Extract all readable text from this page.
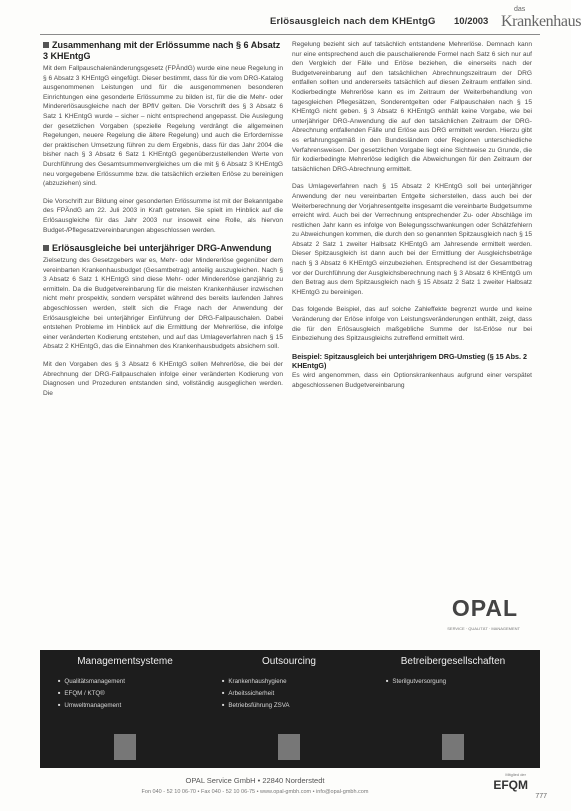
Erlösausgleich nach dem KHEntgG 10/2003
das
Krankenhaus
Zusammenhang mit der Erlössumme nach § 6 Absatz 3 KHEntgG

Mit dem Fallpauschalenänderungsgesetz (FPÄndG) wurde eine neue Regelung in § 6 Absatz 3 KHEntgG eingefügt. Dieser bestimmt, dass für die vom DRG-Katalog ausgenommenen Leistungen und für die ausgenommenen besonderen Einrichtungen eine gesonderte Erlössumme zu bilden ist, für die die Mehr- oder Mindererlösausgleiche nach der BPflV gelten. Die Vorschrift des § 3 Absatz 6 Satz 1 KHEntgG wurde – sicher – nicht entsprechend angepasst. Die Auslegung der gesetzlichen Vorgaben (spezielle Regelung verdrängt die allgemeinen Regelungen, neuere Regelung die ältere Regelung) und auch die Erfordernisse der praktischen Umsetzung führen zu dem Ergebnis, dass für das Jahr 2004 die bisher nach § 3 Absatz 6 Satz 1 KHEntgG gegenüberzustellenden Werte von Durchführung des Gesamtsummenvergleiches um die mit § 6 Absatz 3 KHEntgG neu vorgegebene Erlössumme bzw. die tatsächlich erzielten Erlöse zu bereinigen (abzuziehen) sind.

Die Vorschrift zur Bildung einer gesonderten Erlössumme ist mit der Bekanntgabe des FPÄndG am 22. Juli 2003 in Kraft getreten. Sie spielt im Hinblick auf die Erlösausgleiche für das Jahr 2003 nur insoweit eine Rolle, als hiervon Budget-/Pflegesatzvereinbarungen abgeschlossen werden.

Erlösausgleiche bei unterjähriger DRG-Anwendung

Zielsetzung des Gesetzgebers war es, Mehr- oder Mindererlöse gegenüber dem vereinbarten Krankenhausbudget (Gesamtbetrag) anteilig auszugleichen. Nach § 3 Absatz 6 Satz 1 KHEntgG sind diese Mehr- oder Mindererlöse ganzjährig zu ermitteln. Da die Budgetvereinbarung für die meisten Krankenhäuser inzwischen nicht mehr prospektiv, sondern verspätet während des bereits laufenden Jahres abgeschlossen werden, stellt sich die Frage nach der Anwendung der Erlösausgleiche bei unterjähriger Einführung der DRG-Fallpauschalen. Dabei entstehen Probleme im Hinblick auf die Ermittlung der Mehrerlöse, die infolge einer veränderten Kodierung entstehen, und auf das Umlageverfahren nach § 15 Absatz 2 KHEntgG, das die Einnahmen des Krankenhausbudgets absichern soll.

Mit den Vorgaben des § 3 Absatz 6 KHEntgG sollen Mehrerlöse, die bei der Abrechnung der DRG-Fallpauschalen infolge einer veränderten Kodierung von Diagnosen und Prozeduren entstanden sind, vollständig ausgeglichen werden. Die

Regelung bezieht sich auf tatsächlich entstandene Mehrerlöse. Demnach kann nur eine entsprechend auch die pauschalierende Formel nach Satz 6 sich nur auf den Vergleich der Fälle und Erlöse beziehen, die einerseits nach der Budgetvereinbarung auf den tatsächlichen Abrechnungszeitraum der DRG entfallen sollten und andererseits tatsächlich auf diesen Zeitraum entfallen sind. Kodierbedingte Mehrerlöse kann es im Zeitraum der Weiterbehandlung von tagesgleichen Pflegesätzen, Sonderentgelten oder Fallpauschalen nach § 15 KHEntgG nicht geben. § 3 Absatz 6 KHEntgG enthält keine Vorgabe, wie bei unterjähriger DRG-Anwendung die auf den tatsächlichen Zeitraum der DRG-Abrechnung entfallenden Fälle und Erlöse aus DRG ermittelt werden. Hierzu gibt es erfahrungsgemäß in den Bundesländern oder Regionen unterschiedliche Verfahrensweisen. Der gesetzlichen Vorgabe liegt eine Sichtweise zu Grunde, die für kodierbedingte Mehrerlöse lediglich die Abweichungen für den Zeitraum der tatsächlichen DRG-Abrechnung ermittelt.

Das Umlageverfahren nach § 15 Absatz 2 KHEntgG soll bei unterjähriger Anwendung der neu vereinbarten Entgelte sicherstellen, dass auch bei der Weiterberechnung der Vorjahresentgelte insgesamt die vereinbarte Budgetsumme erreicht wird. Auch bei der Verrechnung entsprechender Zu- oder Abschläge im restlichen Jahr kann es infolge von Belegungsschwankungen oder Schätzfehlern zu Abweichungen kommen, die durch den so genannten Spitzausgleich nach § 15 Absatz 2 Satz 1 zweiter Halbsatz KHEntgG am Jahresende ermittelt werden. Dieser Spitzausgleich ist dann auch bei der Ermittlung der Ausgleichsbeträge nach § 3 Absatz 6 KHEntgG einzubeziehen. Entsprechend ist der Gesamtbetrag vor der Durchführung der Ausgleichsberechnung nach § 3 Absatz 6 KHEntgG um den Betrag aus dem Spitzausgleich nach § 15 Absatz 2 Satz 1 zweiter Halbsatz KHEntgG zu bereinigen.

Das folgende Beispiel, das auf solche Zahleffekte begrenzt wurde und keine Veränderung der Erlöse infolge von Leistungsveränderungen enthält, zeigt, dass die für den Erlösausgleich maßgebliche Summe der Ist-Erlöse nur bei Einbeziehung des Spitzausgleichs zutreffend ermittelt wird.

Beispiel: Spitzausgleich bei unterjährigem DRG-Umstieg (§ 15 Abs. 2 KHEntgG)

Es wird angenommen, dass ein Optionskrankenhaus aufgrund einer verspätet abgeschlossenen Budgetvereinbarung

OPAL
SERVICE · QUALITÄT · MANAGEMENT
Managementsysteme
■ Qualitätsmanagement
■ EFQM / KTQ®
■ Umweltmanagement
Outsourcing
■ Krankenhaushygiene
■ Arbeitssicherheit
■ Betriebsführung ZSVA
Betreibergesellschaften
■ Sterilgutversorgung
OPAL Service GmbH • 22840 Norderstedt
Fon 040 - 52 10 06-70 • Fax 040 - 52 10 06-75 • www.opal-gmbh.com • info@opal-gmbh.com
Mitglied der
EFQM
777
